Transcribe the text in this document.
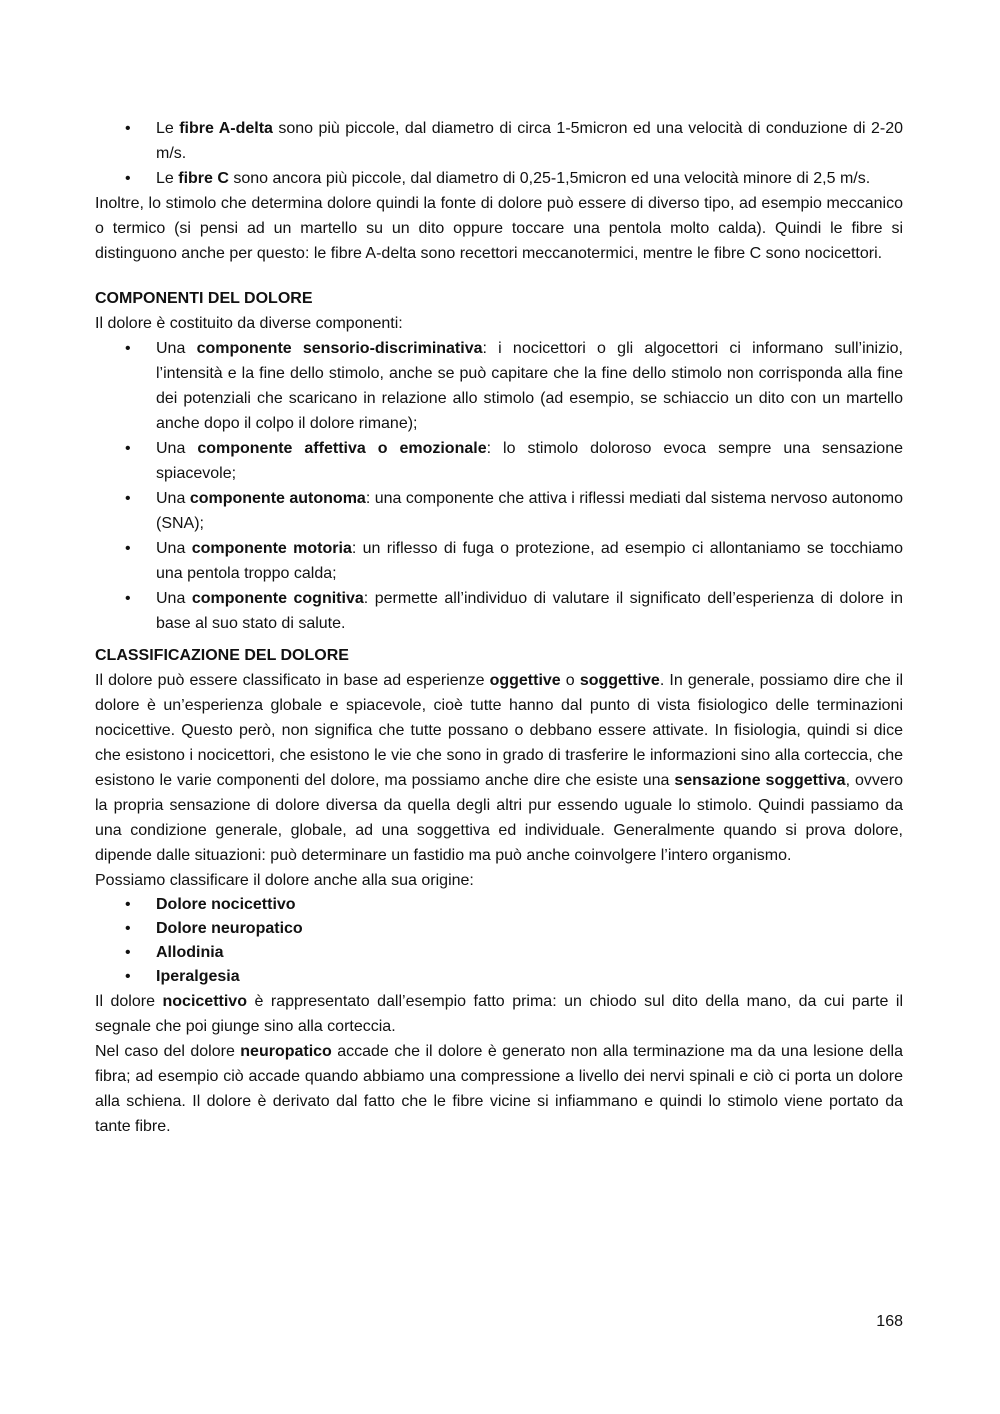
• Le fibre A-delta sono più piccole, dal diametro di circa 1-5micron ed una velocità di conduzione di 2-20 m/s.
• Le fibre C sono ancora più piccole, dal diametro di 0,25-1,5micron ed una velocità minore di 2,5 m/s.

Inoltre, lo stimolo che determina dolore quindi la fonte di dolore può essere di diverso tipo, ad esempio meccanico o termico (si pensi ad un martello su un dito oppure toccare una pentola molto calda). Quindi le fibre si distinguono anche per questo: le fibre A-delta sono recettori meccanotermici, mentre le fibre C sono nocicettori.

COMPONENTI DEL DOLORE

Il dolore è costituito da diverse componenti:

• Una componente sensorio-discriminativa: i nocicettori o gli algocettori ci informano sull’inizio, l’intensità e la fine dello stimolo, anche se può capitare che la fine dello stimolo non corrisponda alla fine dei potenziali che scaricano in relazione allo stimolo (ad esempio, se schiaccio un dito con un martello anche dopo il colpo il dolore rimane);
• Una componente affettiva o emozionale: lo stimolo doloroso evoca sempre una sensazione spiacevole;
• Una componente autonoma: una componente che attiva i riflessi mediati dal sistema nervoso autonomo (SNA);
• Una componente motoria: un riflesso di fuga o protezione, ad esempio ci allontaniamo se tocchiamo una pentola troppo calda;
• Una componente cognitiva: permette all’individuo di valutare il significato dell’esperienza di dolore in base al suo stato di salute.
CLASSIFICAZIONE DEL DOLORE

Il dolore può essere classificato in base ad esperienze oggettive o soggettive. In generale, possiamo dire che il dolore è un’esperienza globale e spiacevole, cioè tutte hanno dal punto di vista fisiologico delle terminazioni nocicettive. Questo però, non significa che tutte possano o debbano essere attivate. In fisiologia, quindi si dice che esistono i nocicettori, che esistono le vie che sono in grado di trasferire le informazioni sino alla corteccia, che esistono le varie componenti del dolore, ma possiamo anche dire che esiste una sensazione soggettiva, ovvero la propria sensazione di dolore diversa da quella degli altri pur essendo uguale lo stimolo. Quindi passiamo da una condizione generale, globale, ad una soggettiva ed individuale. Generalmente quando si prova dolore, dipende dalle situazioni: può determinare un fastidio ma può anche coinvolgere l’intero organismo.

Possiamo classificare il dolore anche alla sua origine:

• Dolore nocicettivo
• Dolore neuropatico
• Allodinia
• Iperalgesia

Il dolore nocicettivo è rappresentato dall’esempio fatto prima: un chiodo sul dito della mano, da cui parte il segnale che poi giunge sino alla corteccia.

Nel caso del dolore neuropatico accade che il dolore è generato non alla terminazione ma da una lesione della fibra; ad esempio ciò accade quando abbiamo una compressione a livello dei nervi spinali e ciò ci porta un dolore alla schiena. Il dolore è derivato dal fatto che le fibre vicine si infiammano e quindi lo stimolo viene portato da tante fibre.

168
